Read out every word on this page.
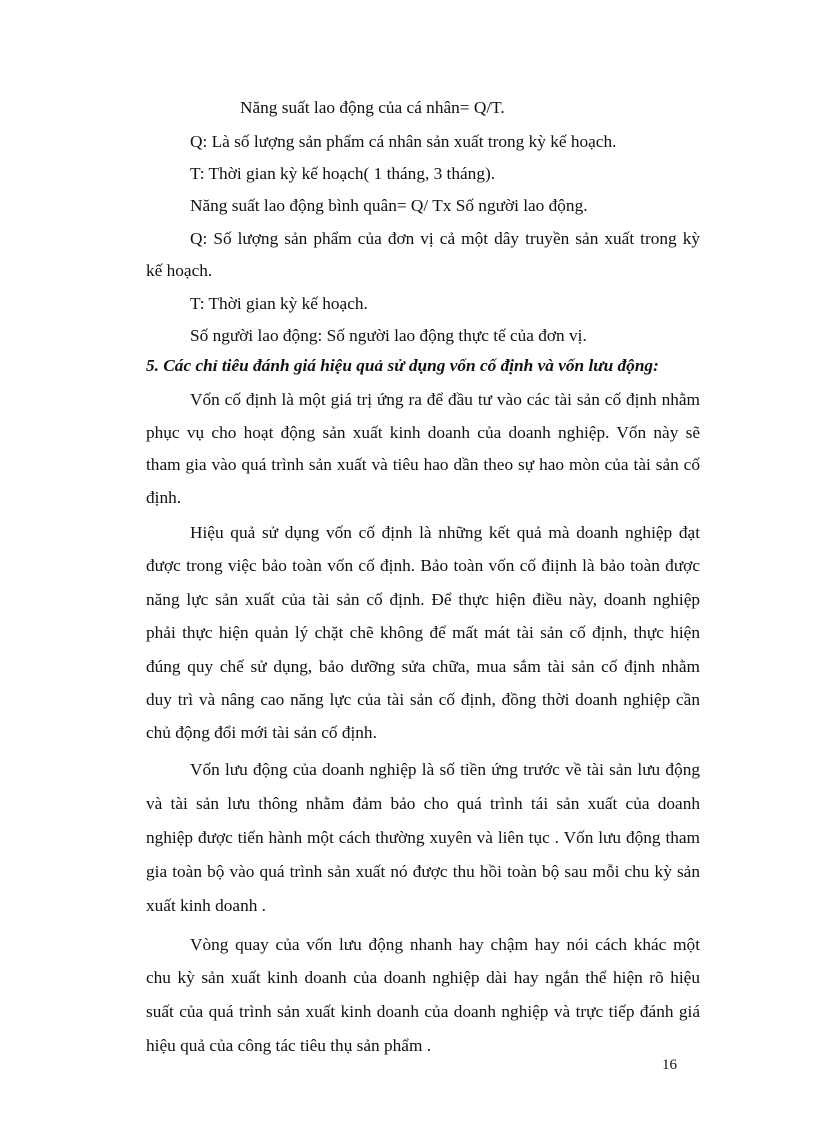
Năng suất lao động của cá nhân= Q/T.
Q: Là số lượng sản phẩm cá nhân sản xuất trong kỳ kế hoạch.
T: Thời gian kỳ kế hoạch( 1 tháng, 3 tháng).
Năng suất lao động bình quân= Q/ Tx Số người lao động.
Q: Số lượng sản phẩm của đơn vị cả một dây truyền sản xuất trong kỳ
kế hoạch.
T: Thời gian kỳ kế hoạch.
Số người lao động: Số người lao động thực tế của đơn vị.
5. Các chỉ tiêu đánh giá hiệu quả sử dụng vốn cố định và vốn lưu động:
Vốn cố định là một giá trị ứng ra để đầu tư vào các tài sản cố định nhằm
phục vụ cho hoạt động sản xuất kinh doanh của doanh nghiệp. Vốn này sẽ
tham gia vào quá trình sản xuất và tiêu hao dần theo sự hao mòn của tài sản cố
định.
Hiệu quả sử dụng vốn cố định là những kết quả mà doanh nghiệp đạt
được trong việc bảo toàn vốn cố định. Bảo toàn vốn cố điịnh là bảo toàn được
năng lực sản xuất của tài sản cố định. Để thực hiện điều này, doanh nghiệp
phải thực hiện quản lý chặt chẽ không để mất mát tài sản cố định, thực hiện
đúng quy chế sử dụng, bảo dưỡng sửa chữa, mua sắm tài sản cố định nhằm
duy trì và nâng cao năng lực của tài sản cố định, đồng thời doanh nghiệp cần
chủ động đổi mới tài sản cố định.
Vốn lưu động của doanh nghiệp là số tiền ứng trước về tài sản lưu động
và tài sản lưu thông nhằm đảm bảo cho quá trình tái sản xuất của doanh
nghiệp được tiến hành một cách thường xuyên và liên tục . Vốn lưu động tham
gia toàn bộ vào quá trình sản xuất nó được thu hồi toàn bộ sau mỗi chu kỳ sản
xuất kinh doanh .
Vòng quay của vốn lưu động nhanh hay chậm hay nói cách khác một
chu kỳ sản xuất kinh doanh của doanh nghiệp dài hay ngắn thể hiện rõ hiệu
suất của quá trình sản xuất kinh doanh của doanh nghiệp và trực tiếp đánh giá
hiệu quả của công tác tiêu thụ sản phẩm .
16
